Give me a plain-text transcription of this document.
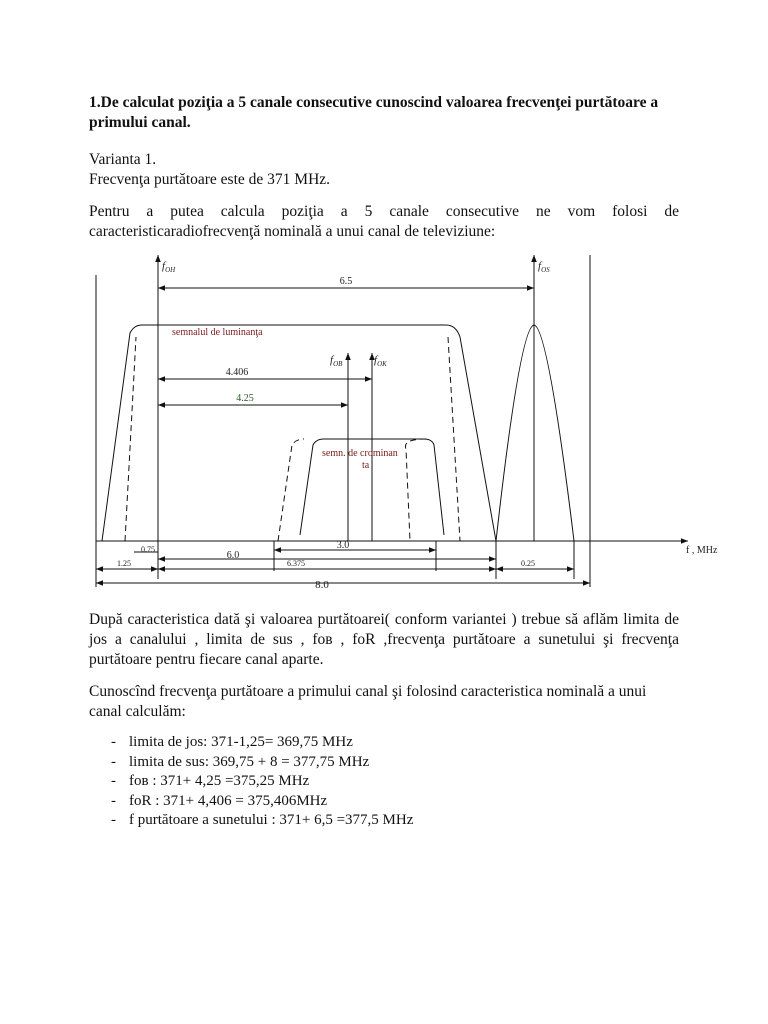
1.De calculat poziţia a 5 canale consecutive cunoscind valoarea frecvenţei purtătoare a primului canal.

Varianta 1.

Frecvenţa purtătoare este de 371 MHz.

Pentru a putea calcula poziţia a 5 canale consecutive ne vom folosi de caracteristicaradiofrecvenţă nominală a unui canal de televiziune:

$f_{OH}$	$f_{OS}$
$f_{OB}$	$f_{OK}$
semnalul de luminanţa
semn. de crominan
ta
6.5
4.406
4.25
0.75	3.0
6.0
1.25	6.375	0.25
8.0
f , MHz

După caracteristica dată şi valoarea purtătoarei( conform variantei ) trebue să aflăm limita de jos a canalului , limita de sus , foв , foR ,frecvenţa purtătoare a sunetului şi frecvenţa purtătoare pentru fiecare canal aparte.

Cunoscînd frecvenţa purtătoare a primului canal şi folosind caracteristica nominală a unui canal calculăm:

- limita de jos: 371-1,25= 369,75 MHz
- limita de sus: 369,75 + 8 = 377,75 MHz
- foв : 371+ 4,25 =375,25 MHz
- foR : 371+ 4,406 = 375,406MHz
- f purtătoare a sunetului : 371+ 6,5 =377,5 MHz
